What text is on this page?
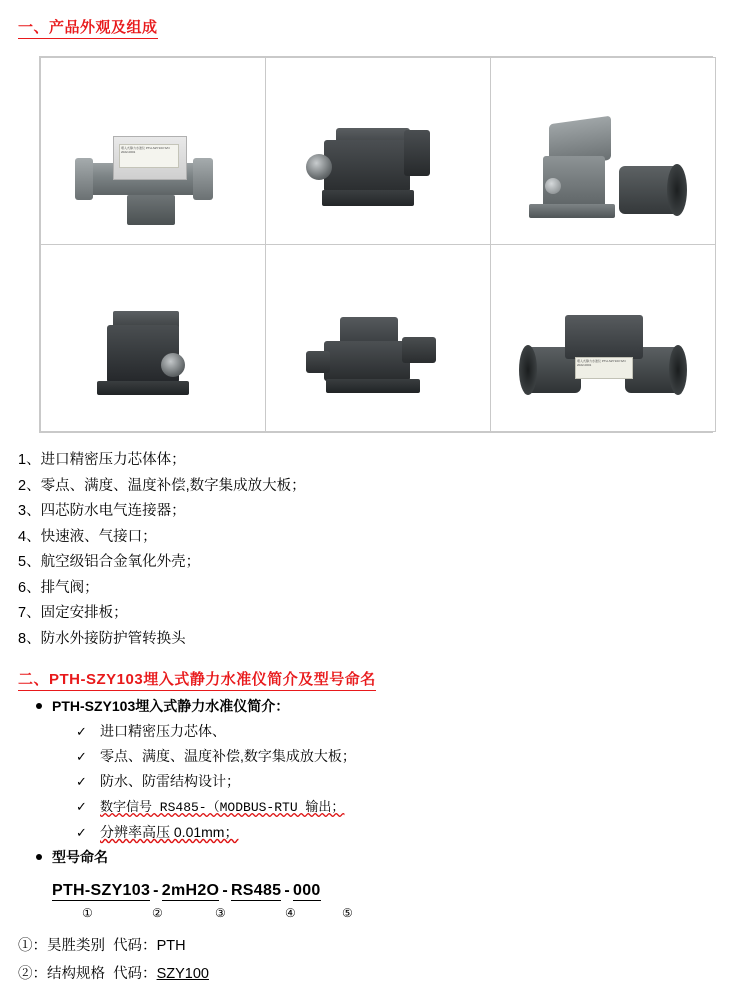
一、产品外观及组成
埋入式静力水准仪 PTH-SZY103 S/N 2022-0001		

		埋入式静力水准仪 PTH-SZY103 S/N 2022-0001
1、进口精密压力芯体体；
2、零点、满度、温度补偿,数字集成放大板；
3、四芯防水电气连接器；
4、快速液、气接口；
5、航空级铝合金氧化外壳；
6、排气阀；
7、固定安排板；
8、防水外接防护管转换头
二、PTH-SZY103埋入式静力水准仪简介及型号命名
PTH-SZY103埋入式静力水准仪简介：
✓ 进口精密压力芯体、
✓ 零点、满度、温度补偿,数字集成放大板；
✓ 防水、防雷结构设计；
✓ 数字信号 RS485-（MODBUS-RTU 输出；
✓ 分辨率高压 0.01mm；
型号命名
PTH-SZY103 - 2mH2O - RS485 - 000
①	②	③	④	⑤
①：昊胜类别 代码：PTH
②：结构规格 代码：SZY100
